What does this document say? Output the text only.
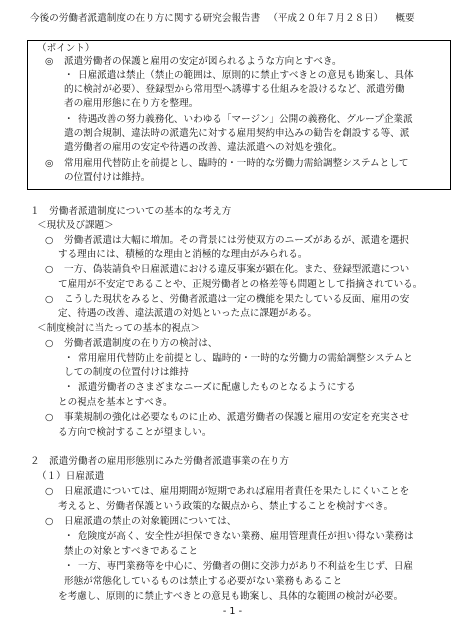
今後の労働者派遣制度の在り方に関する研究会報告書 （平成２０年７月２８日） 概要
（ポイント）
◎ 派遣労働者の保護と雇用の安定が図られるような方向とすべき。
・ 日雇派遣は禁止（禁止の範囲は、原則的に禁止すべきとの意見も勘案し、具体
的に検討が必要）、登録型から常用型へ誘導する仕組みを設けるなど、派遣労働
者の雇用形態に在り方を整理。
・ 待遇改善の努力義務化、いわゆる「マージン」公開の義務化、グループ企業派
遣の割合規制、違法時の派遣先に対する雇用契約申込みの勧告を創設する等、派
遣労働者の雇用の安定や待遇の改善、違法派遣への対処を強化。
◎ 常用雇用代替防止を前提とし、臨時的・一時的な労働力需給調整システムとして
の位置付けは維持。
１　労働者派遣制度についての基本的な考え方
＜現状及び課題＞
○ 労働者派遣は大幅に増加。その背景には労使双方のニーズがあるが、派遣を選択
する理由には、積極的な理由と消極的な理由がみられる。
○ 一方、偽装請負や日雇派遣における違反事案が顕在化。また、登録型派遣につい
て雇用が不安定であることや、正規労働者との格差等も問題として指摘されている。
○ こうした現状をみると、労働者派遣は一定の機能を果たしている反面、雇用の安
定、待遇の改善、違法派遣の対処といった点に課題がある。
＜制度検討に当たっての基本的視点＞
○ 労働者派遣制度の在り方の検討は、
・ 常用雇用代替防止を前提とし、臨時的・一時的な労働力の需給調整システムと
しての制度の位置付けは維持
・ 派遣労働者のさまざまなニーズに配慮したものとなるようにする
との視点を基本とすべき。
○ 事業規制の強化は必要なものに止め、派遣労働者の保護と雇用の安定を充実させ
る方向で検討することが望ましい。
２　派遣労働者の雇用形態別にみた労働者派遣事業の在り方
（１）日雇派遣
○ 日雇派遣については、雇用期間が短期であれば雇用者責任を果たしにくいことを
考えると、労働者保護という政策的な観点から、禁止することを検討すべき。
○ 日雇派遣の禁止の対象範囲については、
・ 危険度が高く、安全性が担保できない業務、雇用管理責任が担い得ない業務は
禁止の対象とすべきであること
・ 一方、専門業務等を中心に、労働者の側に交渉力があり不利益を生じず、日雇
形態が常態化しているものは禁止する必要がない業務もあること
を考慮し、原則的に禁止すべきとの意見も勘案し、具体的な範囲の検討が必要。
- 1 -
